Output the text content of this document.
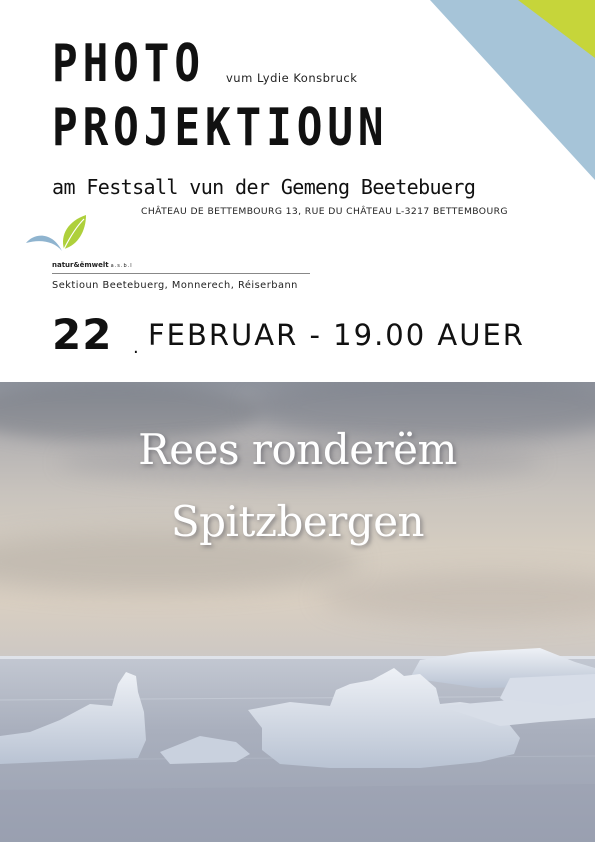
PHOTO
PROJEKTIOUN
vum Lydie Konsbruck
am Festsall vun der Gemeng Beetebuerg
CHÂTEAU DE BETTEMBOURG 13, RUE DU CHÂTEAU L-3217 BETTEMBOURG
natur&ëmwelt a.s.b.l
Sektioun Beetebuerg, Monnerech, Réiserbann
22 . FEBRUAR - 19.00 AUER
Rees ronderëm
Spitzbergen
